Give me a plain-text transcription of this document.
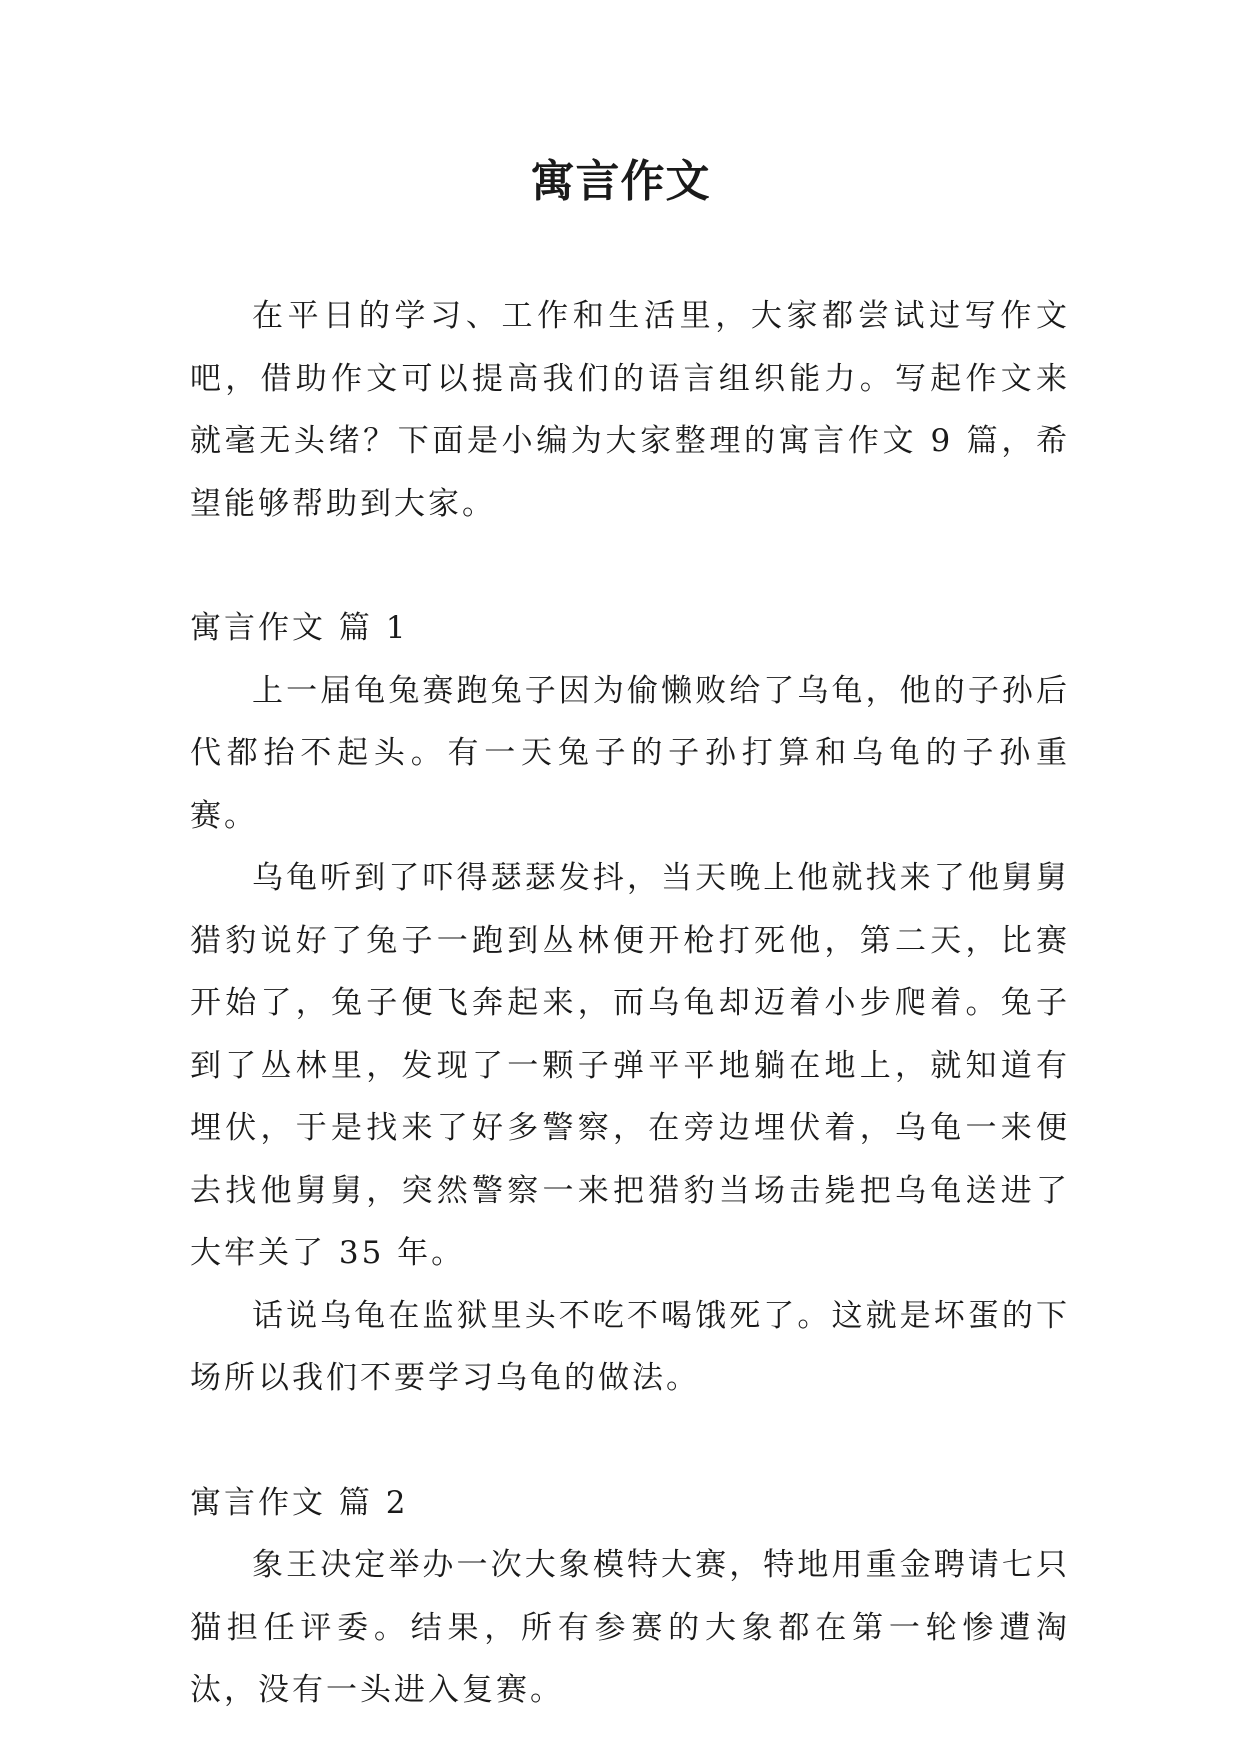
寓言作文

在平日的学习、工作和生活里，大家都尝试过写作文吧，借助作文可以提高我们的语言组织能力。写起作文来就毫无头绪？下面是小编为大家整理的寓言作文 9 篇，希望能够帮助到大家。

寓言作文 篇 1

上一届龟兔赛跑兔子因为偷懒败给了乌龟，他的子孙后代都抬不起头。有一天兔子的子孙打算和乌龟的子孙重赛。

乌龟听到了吓得瑟瑟发抖，当天晚上他就找来了他舅舅猎豹说好了兔子一跑到丛林便开枪打死他，第二天，比赛开始了，兔子便飞奔起来，而乌龟却迈着小步爬着。兔子到了丛林里，发现了一颗子弹平平地躺在地上，就知道有埋伏，于是找来了好多警察，在旁边埋伏着，乌龟一来便去找他舅舅，突然警察一来把猎豹当场击毙把乌龟送进了大牢关了 35 年。

话说乌龟在监狱里头不吃不喝饿死了。这就是坏蛋的下场所以我们不要学习乌龟的做法。

寓言作文 篇 2

象王决定举办一次大象模特大赛，特地用重金聘请七只猫担任评委。结果，所有参赛的大象都在第一轮惨遭淘汰，没有一头进入复赛。
